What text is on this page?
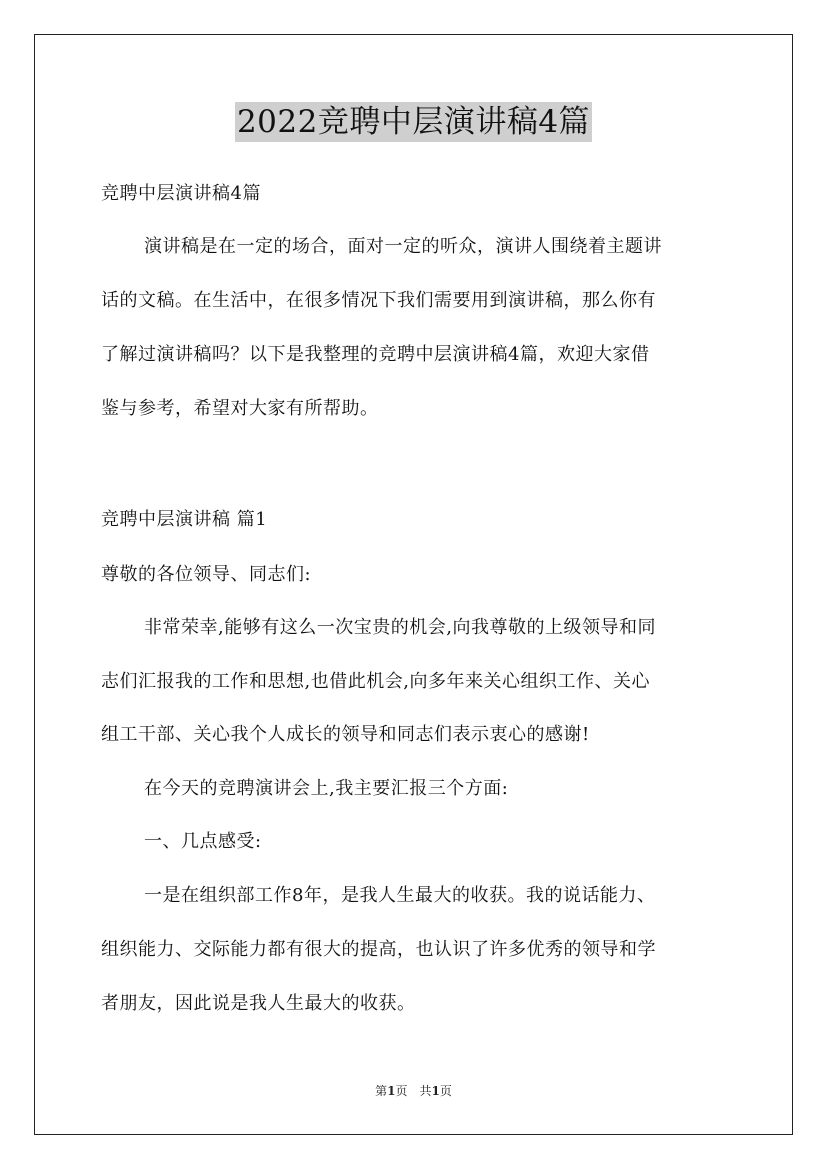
2022竞聘中层演讲稿4篇
竞聘中层演讲稿4篇
演讲稿是在一定的场合，面对一定的听众，演讲人围绕着主题讲
话的文稿。在生活中，在很多情况下我们需要用到演讲稿，那么你有
了解过演讲稿吗？以下是我整理的竞聘中层演讲稿4篇，欢迎大家借
鉴与参考，希望对大家有所帮助。
竞聘中层演讲稿 篇1
尊敬的各位领导、同志们:
非常荣幸,能够有这么一次宝贵的机会,向我尊敬的上级领导和同
志们汇报我的工作和思想,也借此机会,向多年来关心组织工作、关心
组工干部、关心我个人成长的领导和同志们表示衷心的感谢!
在今天的竞聘演讲会上,我主要汇报三个方面:
一、几点感受:
一是在组织部工作8年，是我人生最大的收获。我的说话能力、
组织能力、交际能力都有很大的提高，也认识了许多优秀的领导和学
者朋友，因此说是我人生最大的收获。
第1页 共1页
